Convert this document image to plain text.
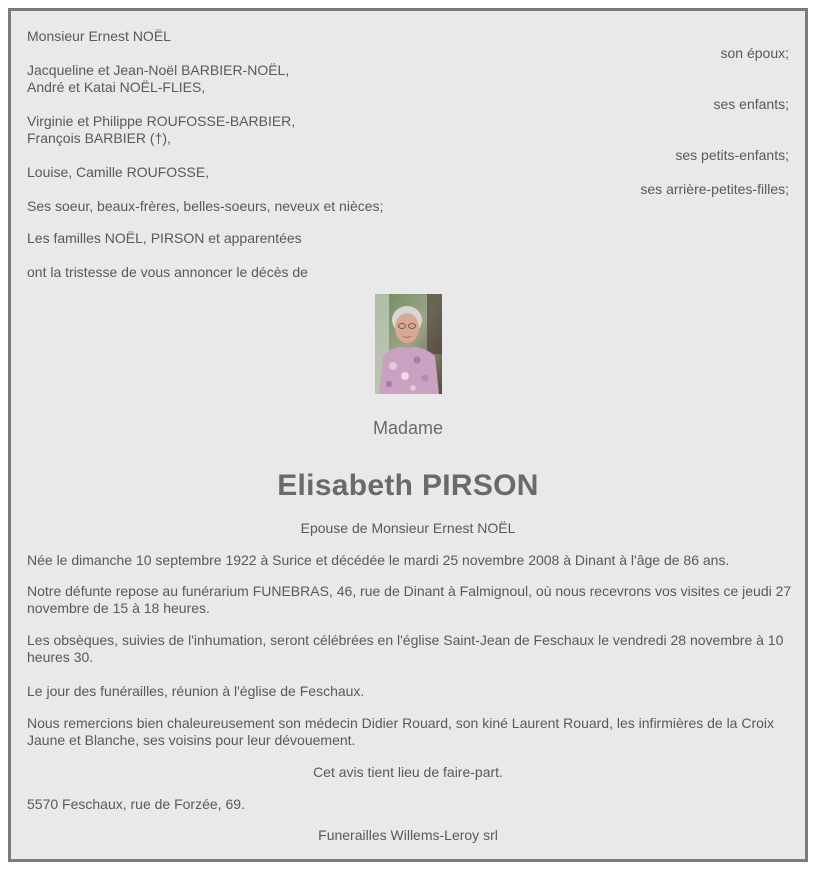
Monsieur Ernest NOËL
son époux;
Jacqueline et Jean-Noël BARBIER-NOËL,
André et Katai NOËL-FLIES,
ses enfants;
Virginie et Philippe ROUFOSSE-BARBIER,
François BARBIER (†),
ses petits-enfants;
Louise, Camille ROUFOSSE,
ses arrière-petites-filles;
Ses soeur, beaux-frères, belles-soeurs, neveux et nièces;
Les familles NOËL, PIRSON et apparentées
ont la tristesse de vous annoncer le décès de
Madame
Elisabeth PIRSON
Epouse de Monsieur Ernest NOËL
Née le dimanche 10 septembre 1922 à Surice et décédée le mardi 25 novembre 2008 à Dinant à l'âge de 86 ans.
Notre défunte repose au funérarium FUNEBRAS, 46, rue de Dinant à Falmignoul, où nous recevrons vos visites ce jeudi 27 novembre de 15 à 18 heures.
Les obsèques, suivies de l'inhumation, seront célébrées en l'église Saint-Jean de Feschaux le vendredi 28 novembre à 10 heures 30.
Le jour des funérailles, réunion à l'église de Feschaux.
Nous remercions bien chaleureusement son médecin Didier Rouard, son kiné Laurent Rouard, les infirmières de la Croix Jaune et Blanche, ses voisins pour leur dévouement.
Cet avis tient lieu de faire-part.
5570 Feschaux, rue de Forzée, 69.
Funerailles Willems-Leroy srl
